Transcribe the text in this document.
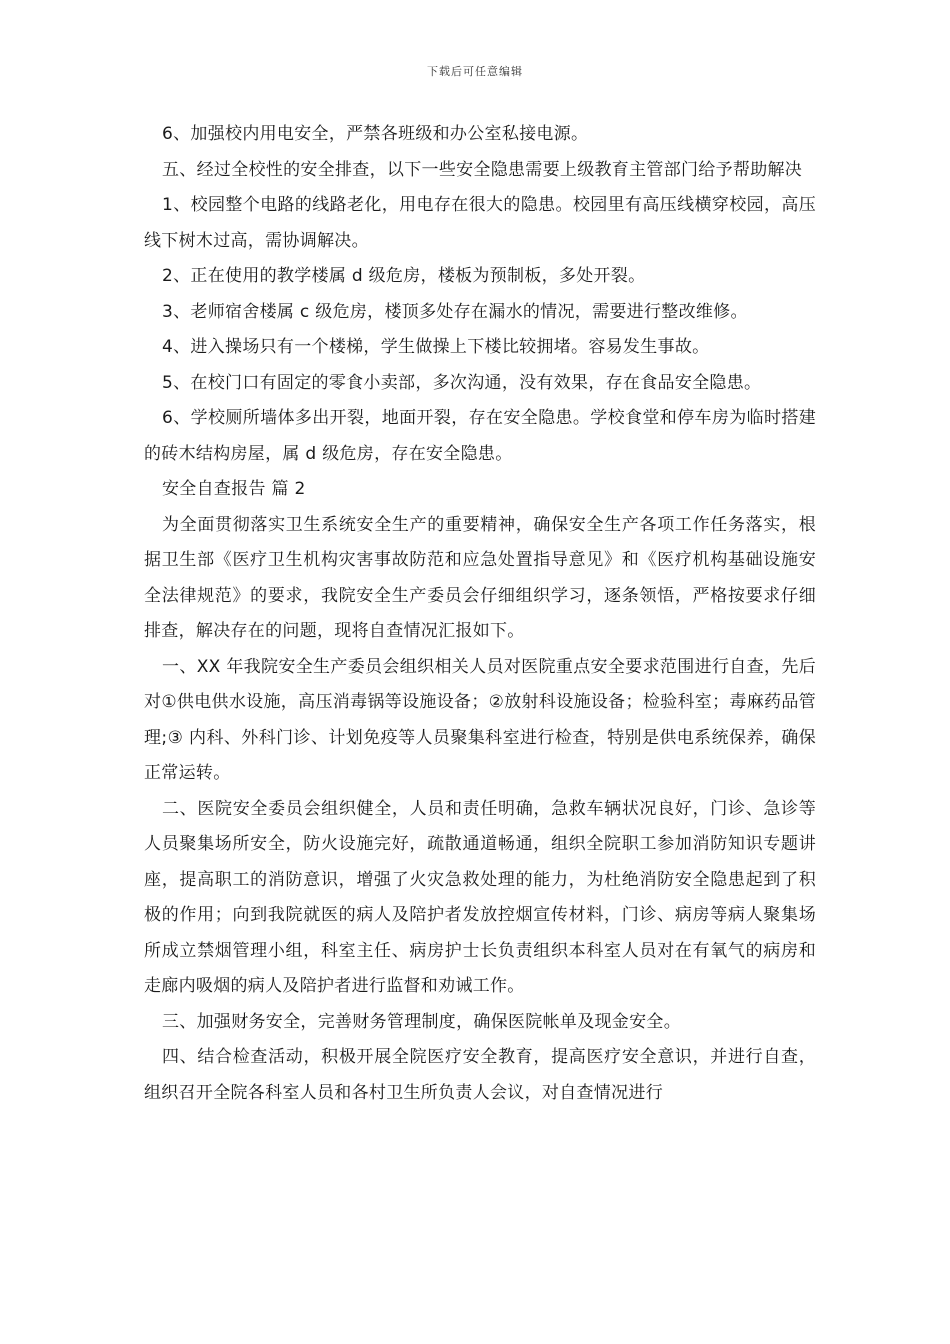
下载后可任意编辑

6、加强校内用电安全，严禁各班级和办公室私接电源。

五、经过全校性的安全排查，以下一些安全隐患需要上级教育主管部门给予帮助解决

1、校园整个电路的线路老化，用电存在很大的隐患。校园里有高压线横穿校园，高压线下树木过高，需协调解决。

2、正在使用的教学楼属 d 级危房，楼板为预制板，多处开裂。

3、老师宿舍楼属 c 级危房，楼顶多处存在漏水的情况，需要进行整改维修。

4、进入操场只有一个楼梯，学生做操上下楼比较拥堵。容易发生事故。

5、在校门口有固定的零食小卖部，多次沟通，没有效果，存在食品安全隐患。

6、学校厕所墙体多出开裂，地面开裂，存在安全隐患。学校食堂和停车房为临时搭建的砖木结构房屋，属 d 级危房，存在安全隐患。

安全自查报告 篇 2

为全面贯彻落实卫生系统安全生产的重要精神，确保安全生产各项工作任务落实，根据卫生部《医疗卫生机构灾害事故防范和应急处置指导意见》和《医疗机构基础设施安全法律规范》的要求，我院安全生产委员会仔细组织学习，逐条领悟，严格按要求仔细排查，解决存在的问题，现将自查情况汇报如下。

一、XX 年我院安全生产委员会组织相关人员对医院重点安全要求范围进行自查，先后对①供电供水设施，高压消毒锅等设施设备；②放射科设施设备；检验科室；毒麻药品管理;③ 内科、外科门诊、计划免疫等人员聚集科室进行检查，特别是供电系统保养，确保正常运转。

二、医院安全委员会组织健全，人员和责任明确，急救车辆状况良好，门诊、急诊等人员聚集场所安全，防火设施完好，疏散通道畅通，组织全院职工参加消防知识专题讲座，提高职工的消防意识，增强了火灾急救处理的能力，为杜绝消防安全隐患起到了积极的作用；向到我院就医的病人及陪护者发放控烟宣传材料，门诊、病房等病人聚集场所成立禁烟管理小组，科室主任、病房护士长负责组织本科室人员对在有氧气的病房和走廊内吸烟的病人及陪护者进行监督和劝诫工作。

三、加强财务安全，完善财务管理制度，确保医院帐单及现金安全。

四、结合检查活动，积极开展全院医疗安全教育，提高医疗安全意识，并进行自查，组织召开全院各科室人员和各村卫生所负责人会议，对自查情况进行
